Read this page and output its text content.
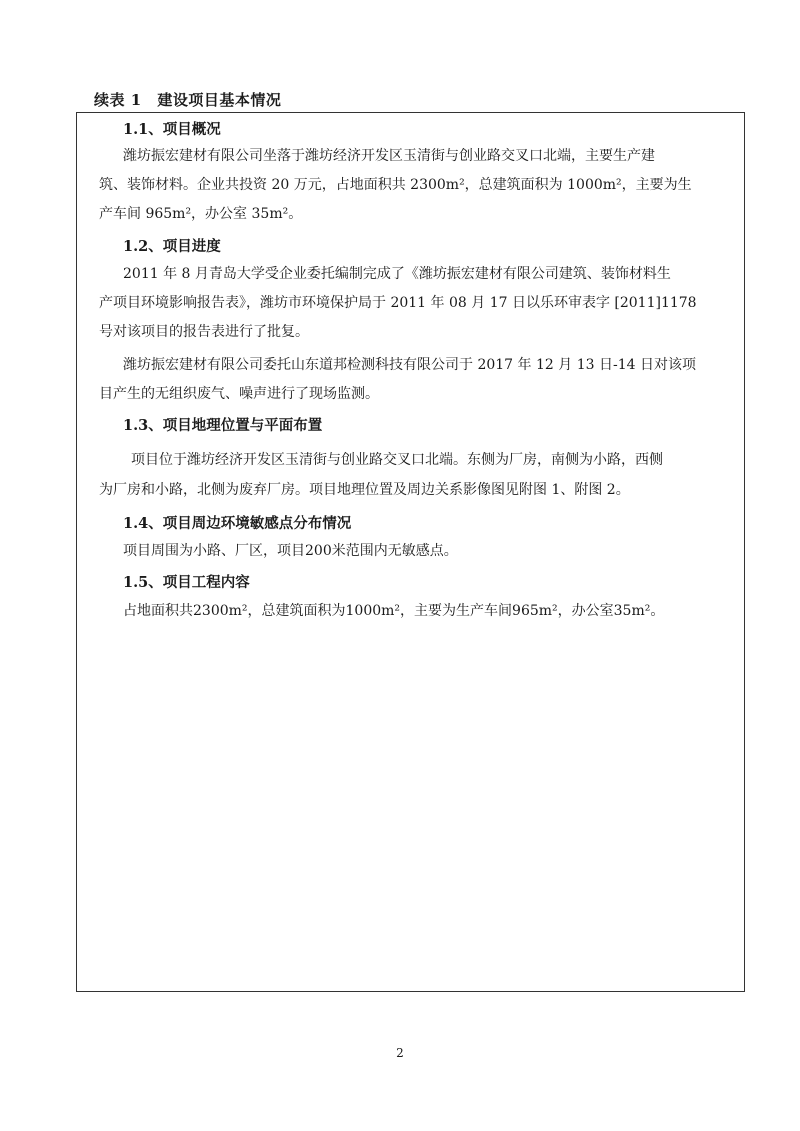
续表 1 建设项目基本情况
1.1、项目概况
潍坊振宏建材有限公司坐落于潍坊经济开发区玉清街与创业路交叉口北端，主要生产建
筑、装饰材料。企业共投资 20 万元，占地面积共 2300m²，总建筑面积为 1000m²，主要为生
产车间 965m²，办公室 35m²。
1.2、项目进度
2011 年 8 月青岛大学受企业委托编制完成了《潍坊振宏建材有限公司建筑、装饰材料生
产项目环境影响报告表》，潍坊市环境保护局于 2011 年 08 月 17 日以乐环审表字 [2011]1178
号对该项目的报告表进行了批复。
潍坊振宏建材有限公司委托山东道邦检测科技有限公司于 2017 年 12 月 13 日-14 日对该项
目产生的无组织废气、噪声进行了现场监测。
1.3、项目地理位置与平面布置
项目位于潍坊经济开发区玉清街与创业路交叉口北端。东侧为厂房，南侧为小路，西侧
为厂房和小路，北侧为废弃厂房。项目地理位置及周边关系影像图见附图 1、附图 2。
1.4、项目周边环境敏感点分布情况
项目周围为小路、厂区，项目200米范围内无敏感点。
1.5、项目工程内容
占地面积共2300m²，总建筑面积为1000m²，主要为生产车间965m²，办公室35m²。
2
